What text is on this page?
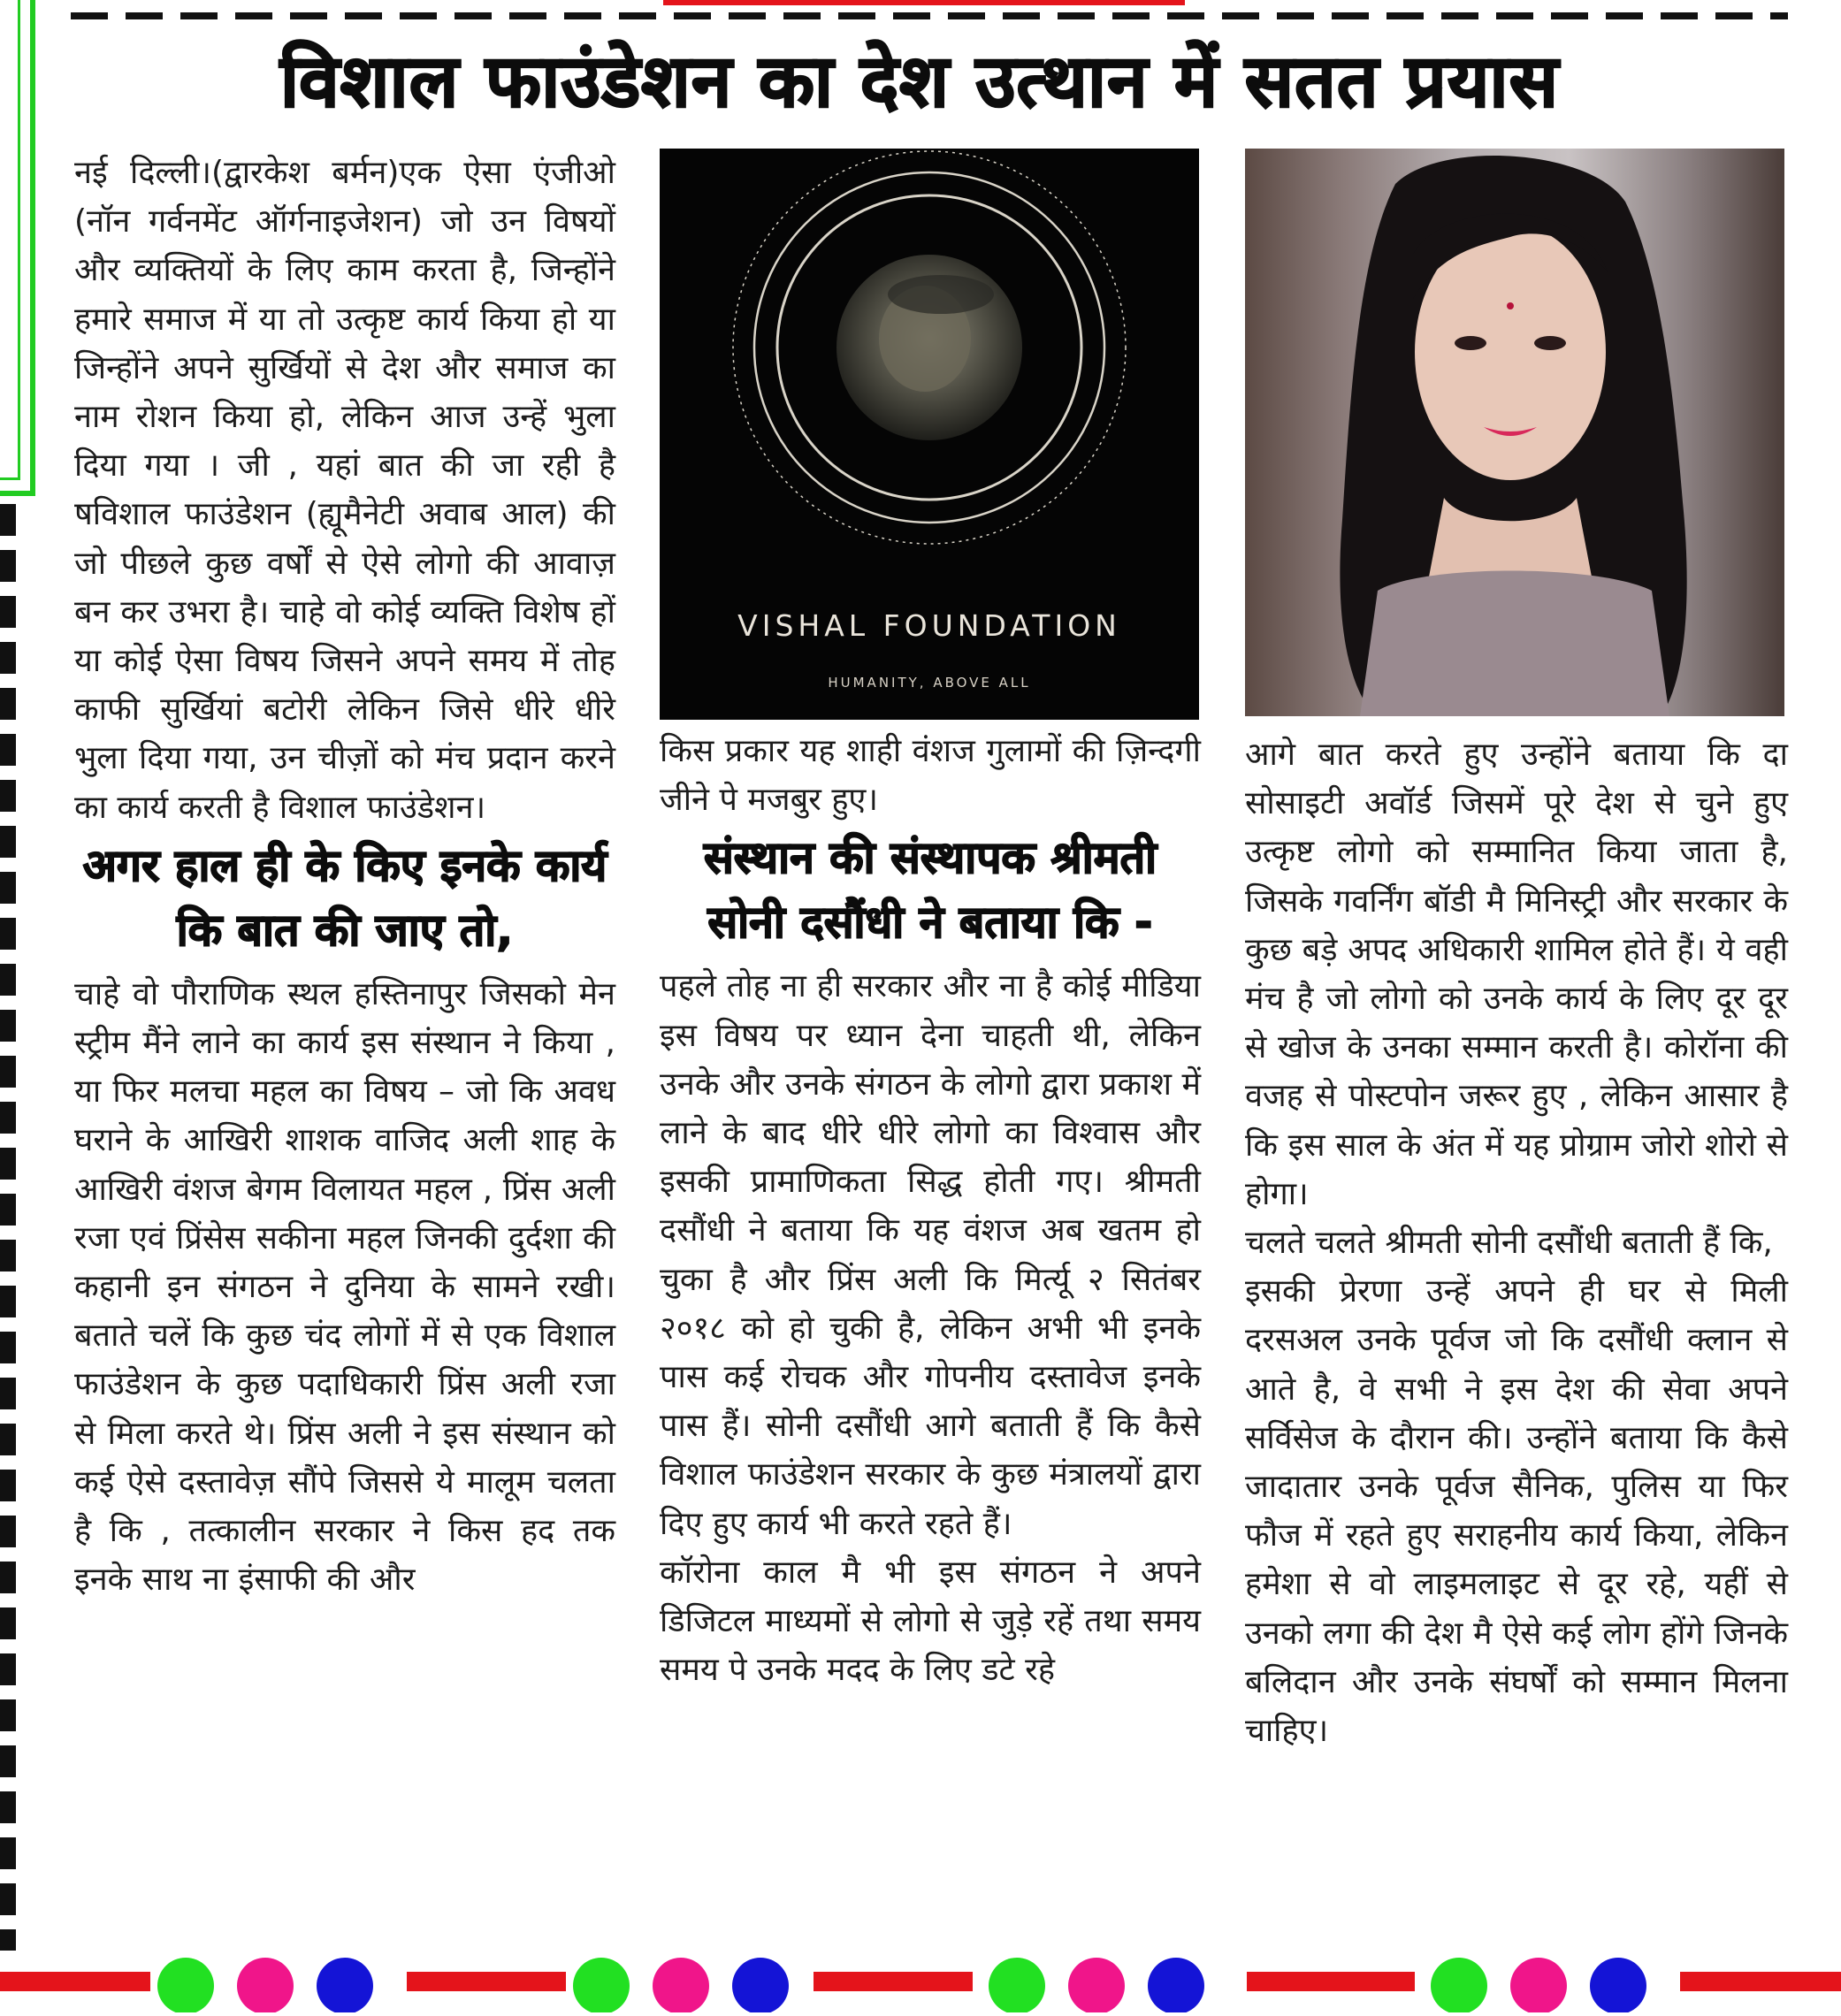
विशाल फाउंडेशन का देश उत्थान में सतत प्रयास

नई दिल्ली।(द्वारकेश बर्मन)एक ऐसा एंजीओ (नॉन गर्वनमेंट ऑर्गनाइजेशन) जो उन विषयों और व्यक्तियों के लिए काम करता है, जिन्होंने हमारे समाज में या तो उत्कृष्ट कार्य किया हो या जिन्होंने अपने सुर्खियों से देश और समाज का नाम रोशन किया हो, लेकिन आज उन्हें भुला दिया गया । जी , यहां बात की जा रही है षविशाल फाउंडेशन (ह्यूमैनेटी अवाब आल) की जो पीछले कुछ वर्षों से ऐसे लोगो की आवाज़ बन कर उभरा है। चाहे वो कोई व्यक्ति विशेष हों या कोई ऐसा विषय जिसने अपने समय में तोह काफी सुर्खियां बटोरी लेकिन जिसे धीरे धीरे भुला दिया गया, उन चीज़ों को मंच प्रदान करने का कार्य करती है विशाल फाउंडेशन।

अगर हाल ही के किए इनके कार्य कि बात की जाए तो,

चाहे वो पौराणिक स्थल हस्तिनापुर जिसको मेन स्ट्रीम मैंने लाने का कार्य इस संस्थान ने किया , या फिर मलचा महल का विषय – जो कि अवध घराने के आखिरी शाशक वाजिद अली शाह के आखिरी वंशज बेगम विलायत महल , प्रिंस अली रजा एवं प्रिंसेस सकीना महल जिनकी दुर्दशा की कहानी इन संगठन ने दुनिया के सामने रखी। बताते चलें कि कुछ चंद लोगों में से एक विशाल फाउंडेशन के कुछ पदाधिकारी प्रिंस अली रजा से मिला करते थे। प्रिंस अली ने इस संस्थान को कई ऐसे दस्तावेज़ सौंपे जिससे ये मालूम चलता है कि , तत्कालीन सरकार ने किस हद तक इनके साथ ना इंसाफी की और

VISHAL FOUNDATION
HUMANITY, ABOVE ALL

किस प्रकार यह शाही वंशज गुलामों की ज़िन्दगी जीने पे मजबुर हुए।

संस्थान की संस्थापक श्रीमती सोनी दसौंधी ने बताया कि -

पहले तोह ना ही सरकार और ना है कोई मीडिया इस विषय पर ध्यान देना चाहती थी, लेकिन उनके और उनके संगठन के लोगो द्वारा प्रकाश में लाने के बाद धीरे धीरे लोगो का विश्वास और इसकी प्रामाणिकता सिद्ध होती गए। श्रीमती दसौंधी ने बताया कि यह वंशज अब खतम हो चुका है और प्रिंस अली कि मिर्त्यू २ सितंबर २०१८ को हो चुकी है, लेकिन अभी भी इनके पास कई रोचक और गोपनीय दस्तावेज इनके पास हैं। सोनी दसौंधी आगे बताती हैं कि कैसे विशाल फाउंडेशन सरकार के कुछ मंत्रालयों द्वारा दिए हुए कार्य भी करते रहते हैं।

कॉरोना काल मै भी इस संगठन ने अपने डिजिटल माध्यमों से लोगो से जुड़े रहें तथा समय समय पे उनके मदद के लिए डटे रहे

आगे बात करते हुए उन्होंने बताया कि दा सोसाइटी अवॉर्ड जिसमें पूरे देश से चुने हुए उत्कृष्ट लोगो को सम्मानित किया जाता है, जिसके गवर्निंग बॉडी मै मिनिस्ट्री और सरकार के कुछ बड़े अपद अधिकारी शामिल होते हैं। ये वही मंच है जो लोगो को उनके कार्य के लिए दूर दूर से खोज के उनका सम्मान करती है। कोरॉना की वजह से पोस्टपोन जरूर हुए , लेकिन आसार है कि इस साल के अंत में यह प्रोग्राम जोरो शोरो से होगा।

चलते चलते श्रीमती सोनी दसौंधी बताती हैं कि,

इसकी प्रेरणा उन्हें अपने ही घर से मिली दरसअल उनके पूर्वज जो कि दसौंधी क्लान से आते है, वे सभी ने इस देश की सेवा अपने सर्विसेज के दौरान की। उन्होंने बताया कि कैसे जादातार उनके पूर्वज सैनिक, पुलिस या फिर फौज में रहते हुए सराहनीय कार्य किया, लेकिन हमेशा से वो लाइमलाइट से दूर रहे, यहीं से उनको लगा की देश मै ऐसे कई लोग होंगे जिनके बलिदान और उनके संघर्षों को सम्मान मिलना चाहिए।
